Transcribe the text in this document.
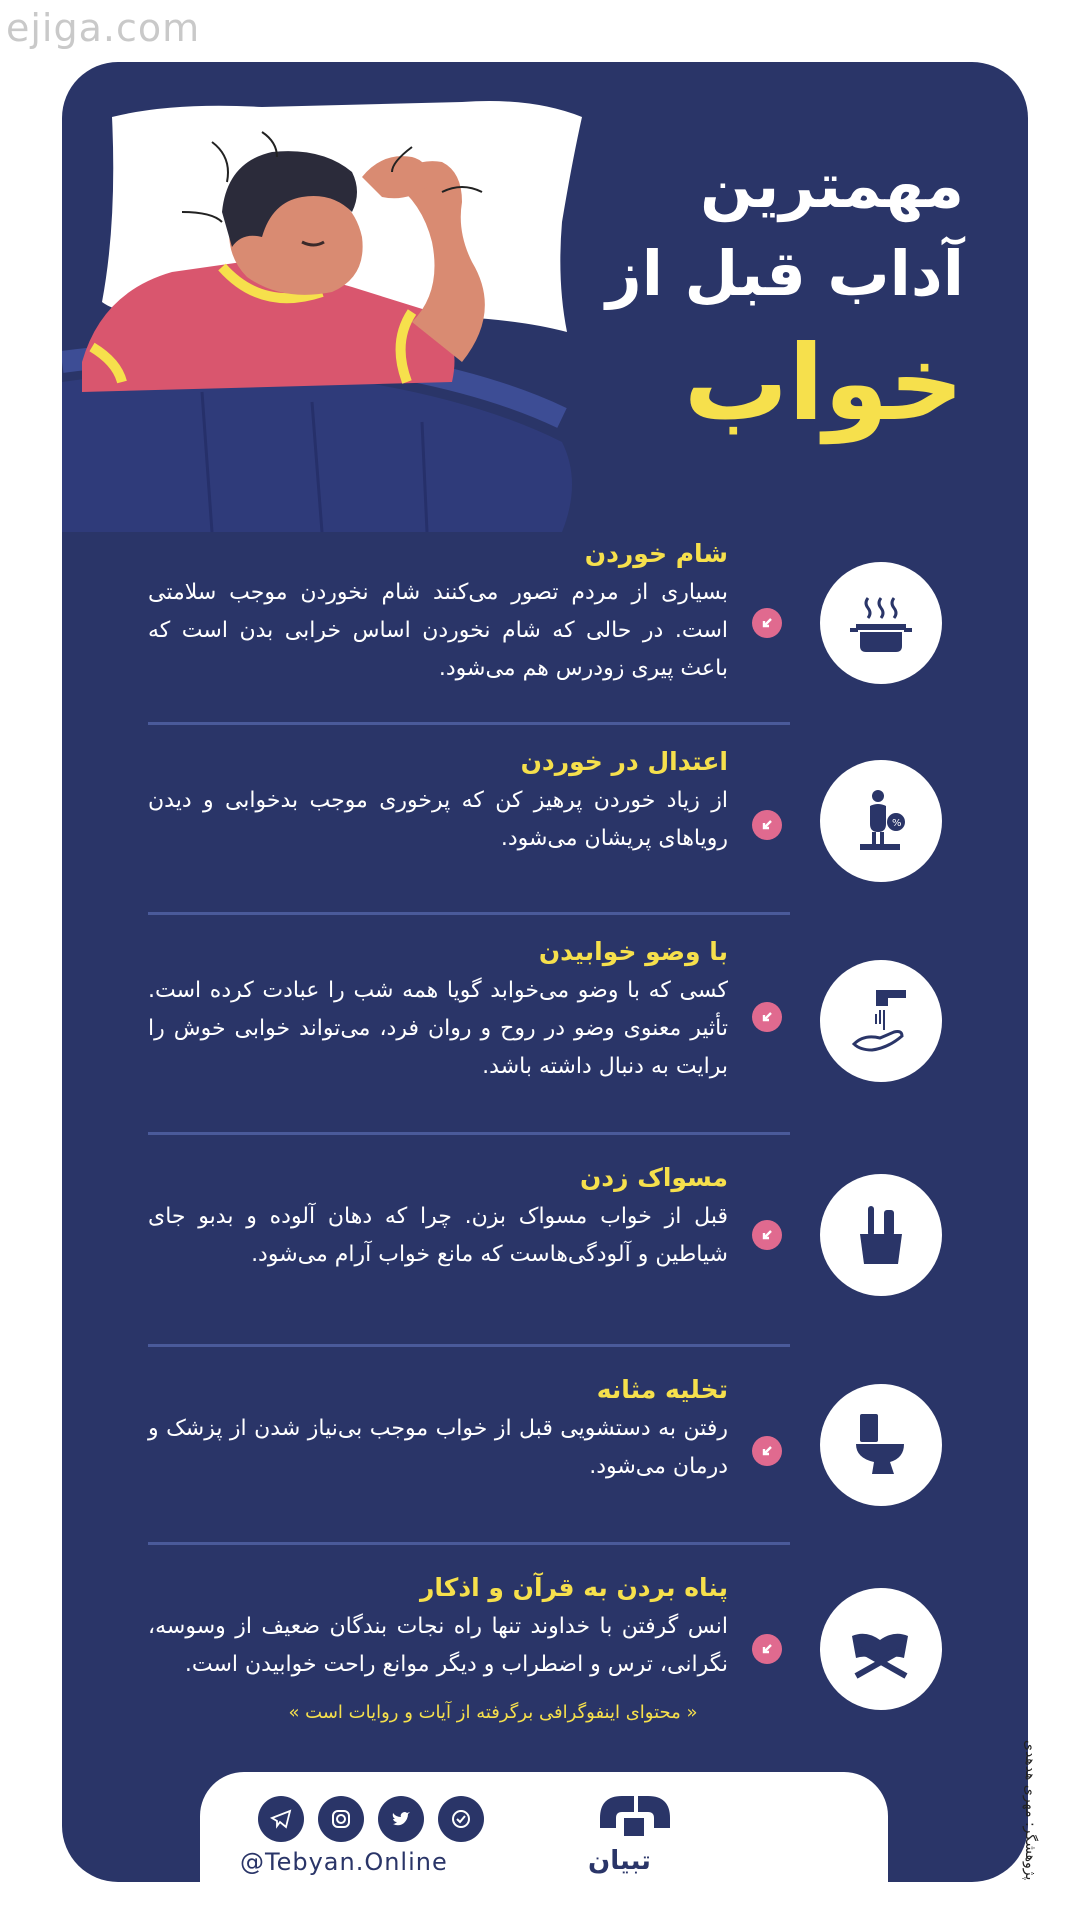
ejiga.com
مهمترین
آداب قبل از
خواب
شام خوردن
بسیاری از مردم تصور می‌کنند شام نخوردن موجب سلامتی است. در حالی که شام نخوردن اساس خرابی بدن است که باعث پیری زودرس هم می‌شود.
%
اعتدال در خوردن
از زیاد خوردن پرهیز کن که پرخوری موجب بدخوابی و دیدن رویاهای پریشان می‌شود.
با وضو خوابیدن
کسی که با وضو می‌خوابد گویا همه شب را عبادت کرده است. تأثیر معنوی وضو در روح و روان فرد، می‌تواند خوابی خوش را برایت به دنبال داشته باشد.
مسواک زدن
قبل از خواب مسواک بزن. چرا که دهان آلوده و بدبو جای شیاطین و آلودگی‌هاست که مانع خواب آرام می‌شود.
تخلیه مثانه
رفتن به دستشویی قبل از خواب موجب بی‌نیاز شدن از پزشک و درمان می‌شود.
پناه بردن به قرآن و اذکار
انس گرفتن با خداوند تنها راه نجات بندگان ضعیف از وسوسه، نگرانی، ترس و اضطراب و دیگر موانع راحت خوابیدن است.
« محتوای اینفوگرافی برگرفته از آیات و روایات است »
پژوهشگر: مهری هدهدی
@Tebyan.Online	تبیان
